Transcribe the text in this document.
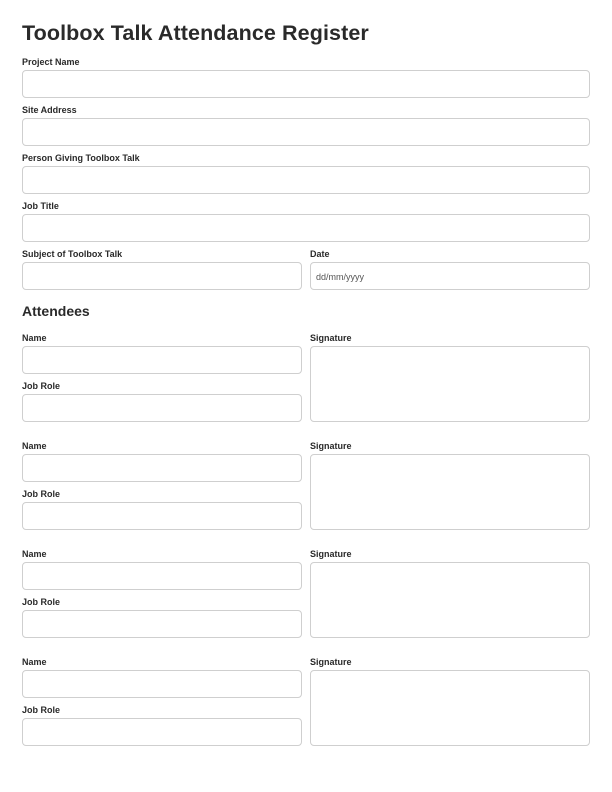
Toolbox Talk Attendance Register
Project Name
Site Address
Person Giving Toolbox Talk
Job Title
Subject of Toolbox Talk	Date
dd/mm/yyyy
Attendees
Name
Job Role
Signature
Name
Job Role
Signature
Name
Job Role
Signature
Name
Job Role
Signature
